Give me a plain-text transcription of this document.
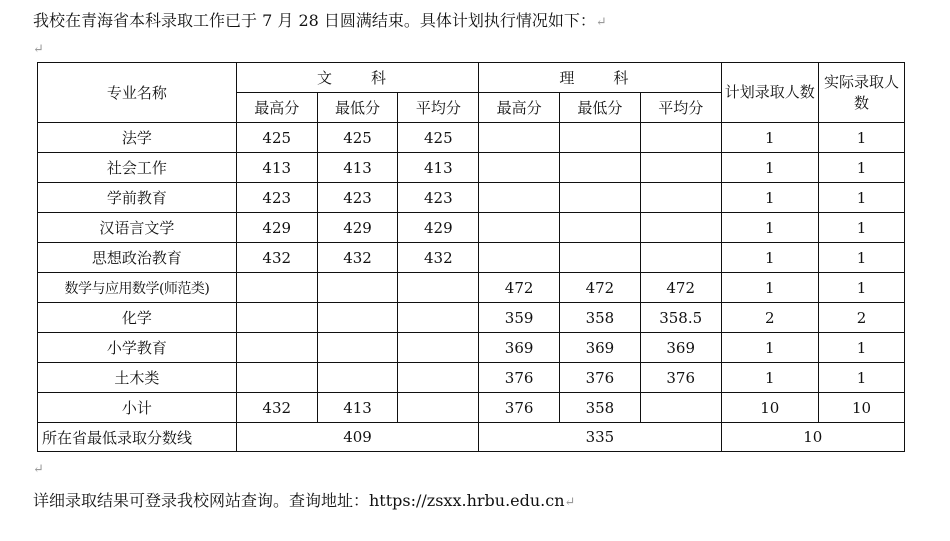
我校在青海省本科录取工作已于 7 月 28 日圆满结束。具体计划执行情况如下：↵
↵
专业名称	文　科			理　科			计划录取人数	实际录取人数
	最高分	最低分	平均分	最高分	最低分	平均分		
法学	425	425	425				1	1
社会工作	413	413	413				1	1
学前教育	423	423	423				1	1
汉语言文学	429	429	429				1	1
思想政治教育	432	432	432				1	1
数学与应用数学(师范类)				472	472	472	1	1
化学				359	358	358.5	2	2
小学教育				369	369	369	1	1
土木类				376	376	376	1	1
小计	432	413		376	358		10	10
所在省最低录取分数线	409			335			10	
↵
详细录取结果可登录我校网站查询。查询地址：https://zsxx.hrbu.edu.cn↵
